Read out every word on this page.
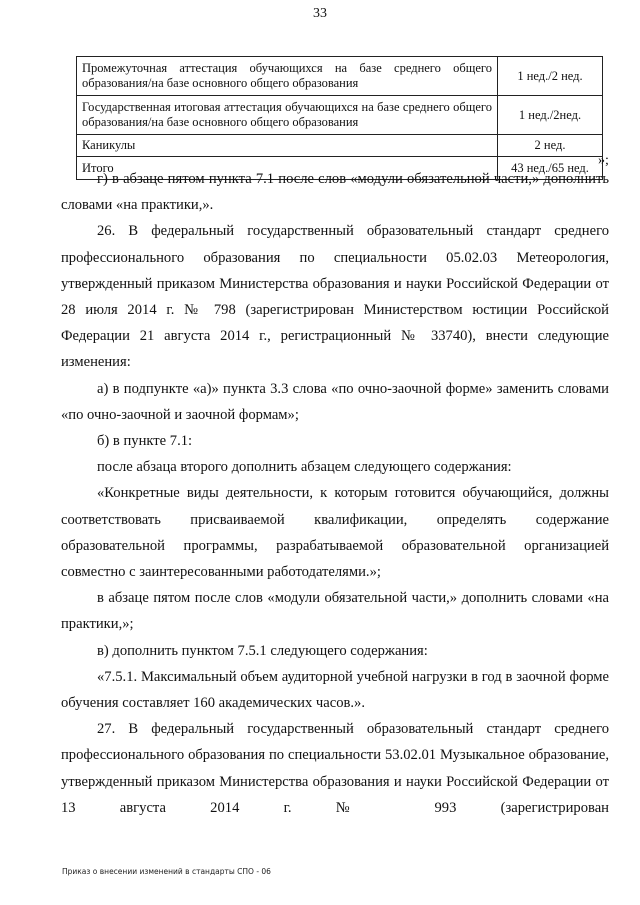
33
Промежуточная аттестация обучающихся на базе среднего общего образования/на базе основного общего образования	1 нед./2 нед.
Государственная итоговая аттестация обучающихся на базе среднего общего образования/на базе основного общего образования	1 нед./2нед.
Каникулы	2 нед.
Итого	43 нед./65 нед. »;

г) в абзаце пятом пункта 7.1 после слов «модули обязательной части,» дополнить словами «на практики,».

26. В федеральный государственный образовательный стандарт среднего профессионального образования по специальности 05.02.03 Метеорология, утвержденный приказом Министерства образования и науки Российской Федерации от 28 июля 2014 г. № 798 (зарегистрирован Министерством юстиции Российской Федерации 21 августа 2014 г., регистрационный № 33740), внести следующие изменения:

а) в подпункте «а)» пункта 3.3 слова «по очно-заочной форме» заменить словами «по очно-заочной и заочной формам»;

б) в пункте 7.1:

после абзаца второго дополнить абзацем следующего содержания:

«Конкретные виды деятельности, к которым готовится обучающийся, должны соответствовать присваиваемой квалификации, определять содержание образовательной программы, разрабатываемой образовательной организацией совместно с заинтересованными работодателями.»;

в абзаце пятом после слов «модули обязательной части,» дополнить словами «на практики,»;

в) дополнить пунктом 7.5.1 следующего содержания:

«7.5.1. Максимальный объем аудиторной учебной нагрузки в год в заочной форме обучения составляет 160 академических часов.».

27. В федеральный государственный образовательный стандарт среднего профессионального образования по специальности 53.02.01 Музыкальное образование, утвержденный приказом Министерства образования и науки Российской Федерации от 13 августа 2014 г. № 993 (зарегистрирован

Приказ о внесении изменений в стандарты СПО - 06
